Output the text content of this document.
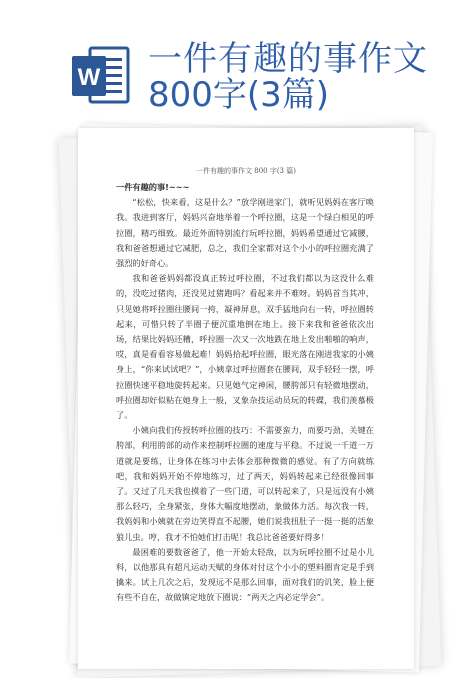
W 一件有趣的事作文
800字(3篇)
一件有趣的事作文 800 字(3 篇)
一件有趣的事!~~~

“松松，快来看，这是什么？”放学刚进家门，就听见妈妈在客厅唤我。我进到客厅，妈妈兴奋地举着一个呼拉圈，这是一个绿白相见的呼拉圈，精巧细致。最近外面特别流行玩呼拉圈，妈妈希望通过它减腰，我和爸爸想通过它减肥，总之，我们全家都对这个小小的呼拉圈充满了强烈的好奇心。

我和爸爸妈妈都没真正转过呼拉圈，不过我们都以为这没什么难的，没吃过猪肉，还没见过猪跑吗？看起来并不难呀。妈妈首当其冲，只见她将呼拉圈往腰间一挎，凝神屏息，双手猛地向右一转，呼拉圈转起来，可惜只转了半圈子便沉重地倒在地上。接下来我和爸爸依次出场，结果比妈妈还糟，呼拉圈一次又一次地跌在地上发出啪啪的响声，哎，真是看看容易做起难！妈妈拾起呼拉圈，眼光落在刚进我家的小姨身上，“你来试试吧？”，小姨拿过呼拉圈套在腰间，双手轻轻一摆，呼拉圈快速平稳地旋转起来。只见她气定神闲，腰胯部只有轻微地摆动，呼拉圈却好似粘在她身上一般，叉象杂技运动员玩的转碟，我们羡慕极了。

小姨向我们传授转呼拉圈的技巧：不需要蛮力，而要巧劲，关键在胯部，利用胯部的动作来控制呼拉圈的速度与平稳。不过说一千道一万道就是要练，让身体在练习中去体会那种微微的感觉。有了方向就练吧，我和妈妈开始不停地练习，过了两天，妈妈转起来已经很像回事了。又过了几天我也摸着了一些门道，可以转起来了，只是远没有小姨那么轻巧，全身紧张，身体大幅度地摆动，象做体力活。每次我一转，我妈妈和小姨就在旁边笑得直不起腰，她们说我扭肚子一挺一挺的活象狼儿虫。哼，我才不怕她们打击呢！我总比爸爸要好得多！

最困难的要数爸爸了，他一开始太轻敌，以为玩呼拉圈不过是小儿科，以他那具有超凡运动天赋的身体对付这个小小的塑料圈肯定是手到擒来。试上几次之后，发现远不是那么回事，面对我们的讥笑，脸上便有些不自在，故做镇定地放下圈说：“两天之内必定学会”。
